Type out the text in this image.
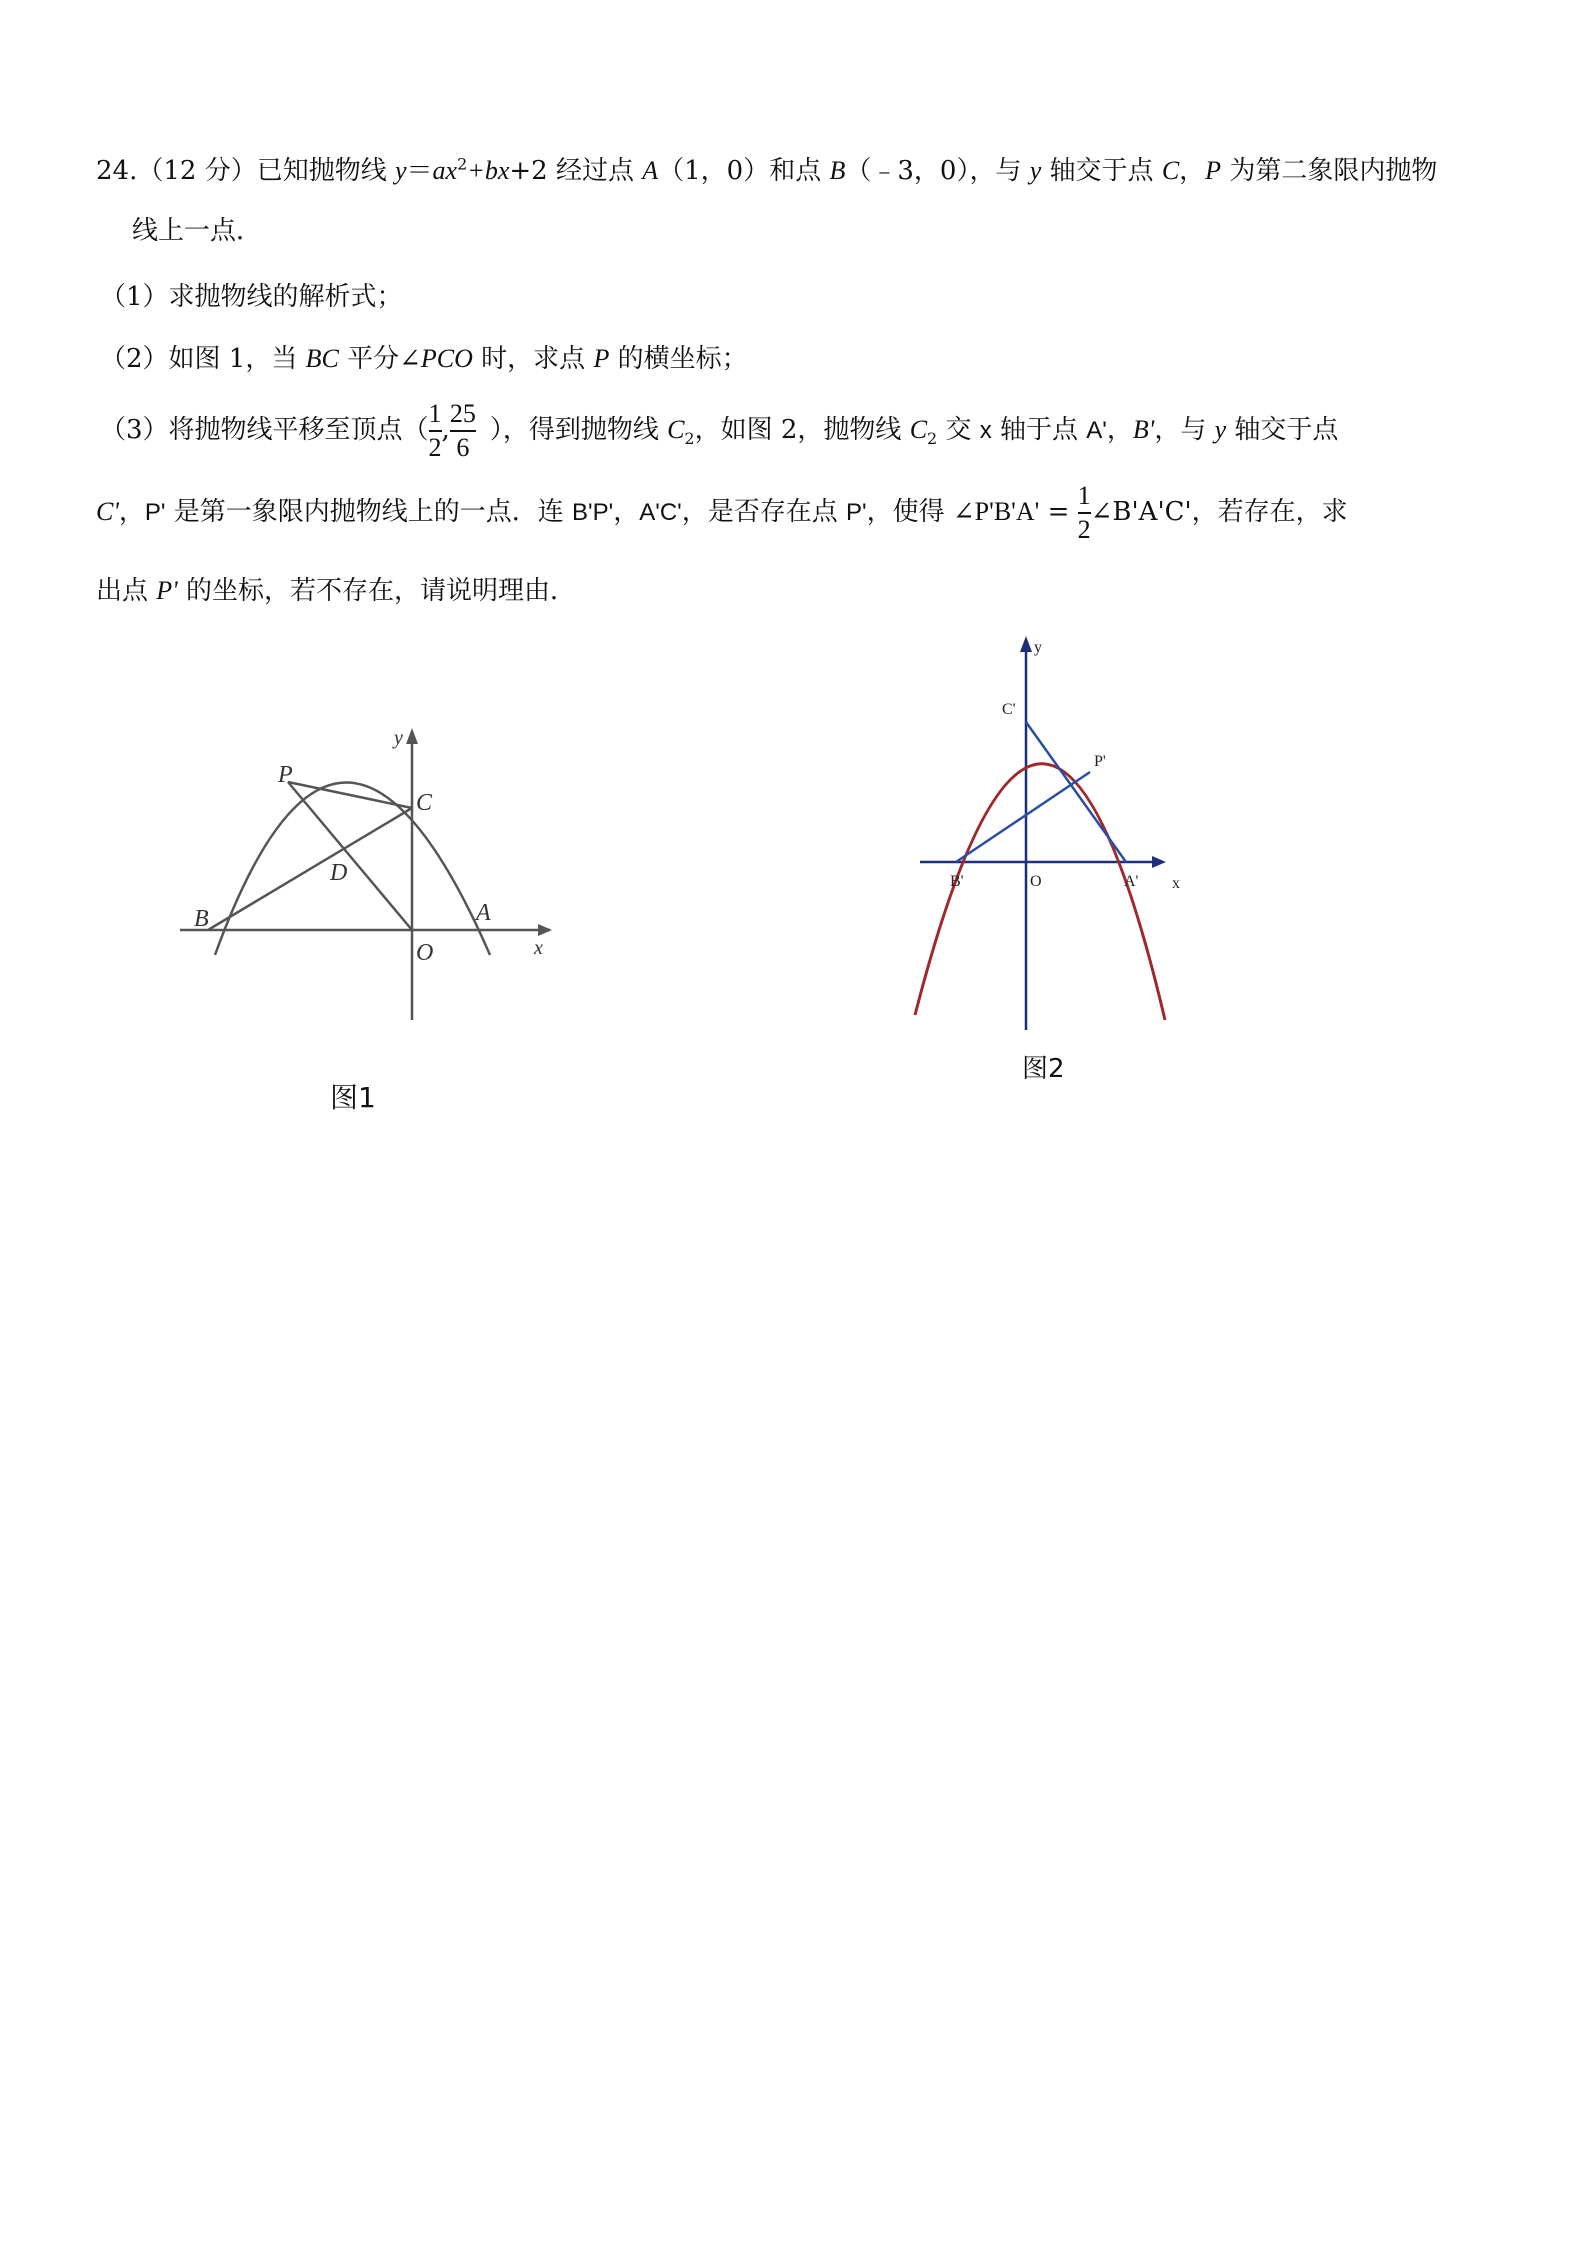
24.（12 分）已知抛物线 $y=ax^2+bx+2$ 经过点 A（1，0）和点 B（﹣3，0），与 y 轴交于点 C，P 为第二象限内抛物
线上一点．
（1）求抛物线的解析式；
（2）如图 1，当 BC 平分∠PCO 时，求点 P 的横坐标；
（3）将抛物线平移至顶点（ $\frac{1}{2}$ , $\frac{25}{6}$ ），得到抛物线 $C_2$，如图 2，抛物线 $C_2$ 交 x 轴于点 A'，B'，与 y 轴交于点
C'，P' 是第一象限内抛物线上的一点．连 B'P'，A'C'，是否存在点 P'，使得 ∠P'B'A' = $\frac{1}{2}$ ∠B'A'C'，若存在，求
出点 P' 的坐标，若不存在，请说明理由．
P
C
D
B
O
A
x
y
图1
y
C'
P'
B'	O	A' x
图2
